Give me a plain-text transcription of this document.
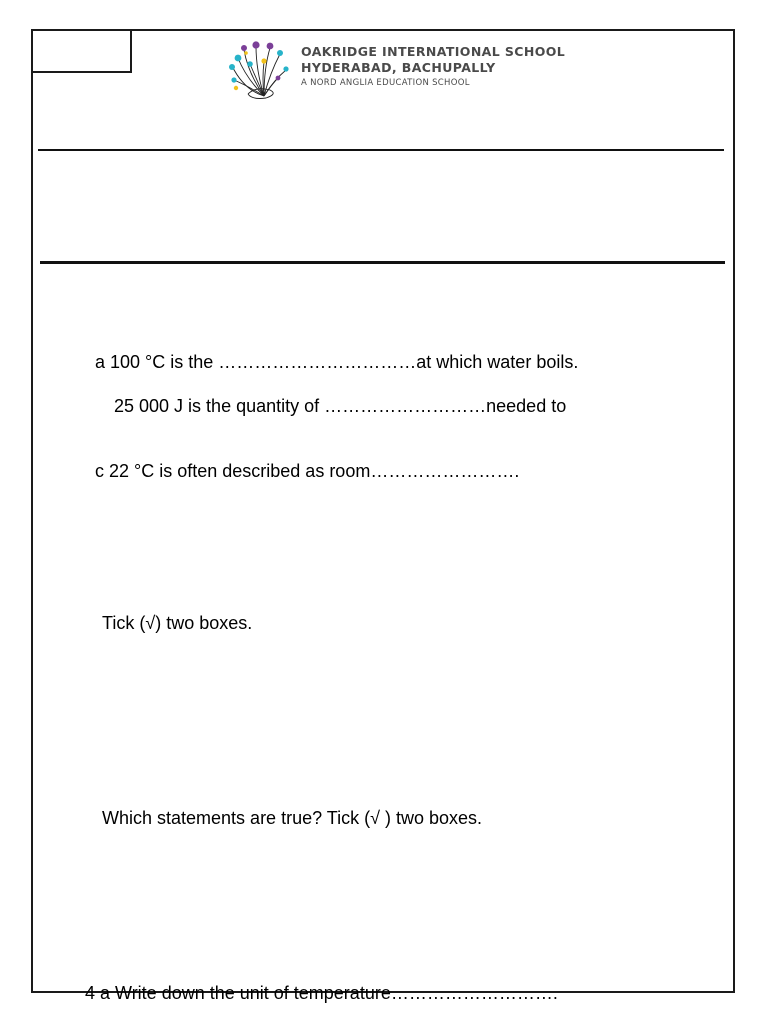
OAKRIDGE INTERNATIONAL SCHOOL
HYDERABAD, BACHUPALLY
A NORD ANGLIA EDUCATION SCHOOL
a 100 °C is the ……………………………at which water boils.
25 000 J is the quantity of ………………………needed to
c 22 °C is often described as room…………………….
Tick (√) two boxes.
Which statements are true? Tick (√ ) two boxes.
4 a Write down the unit of temperature……………………….
